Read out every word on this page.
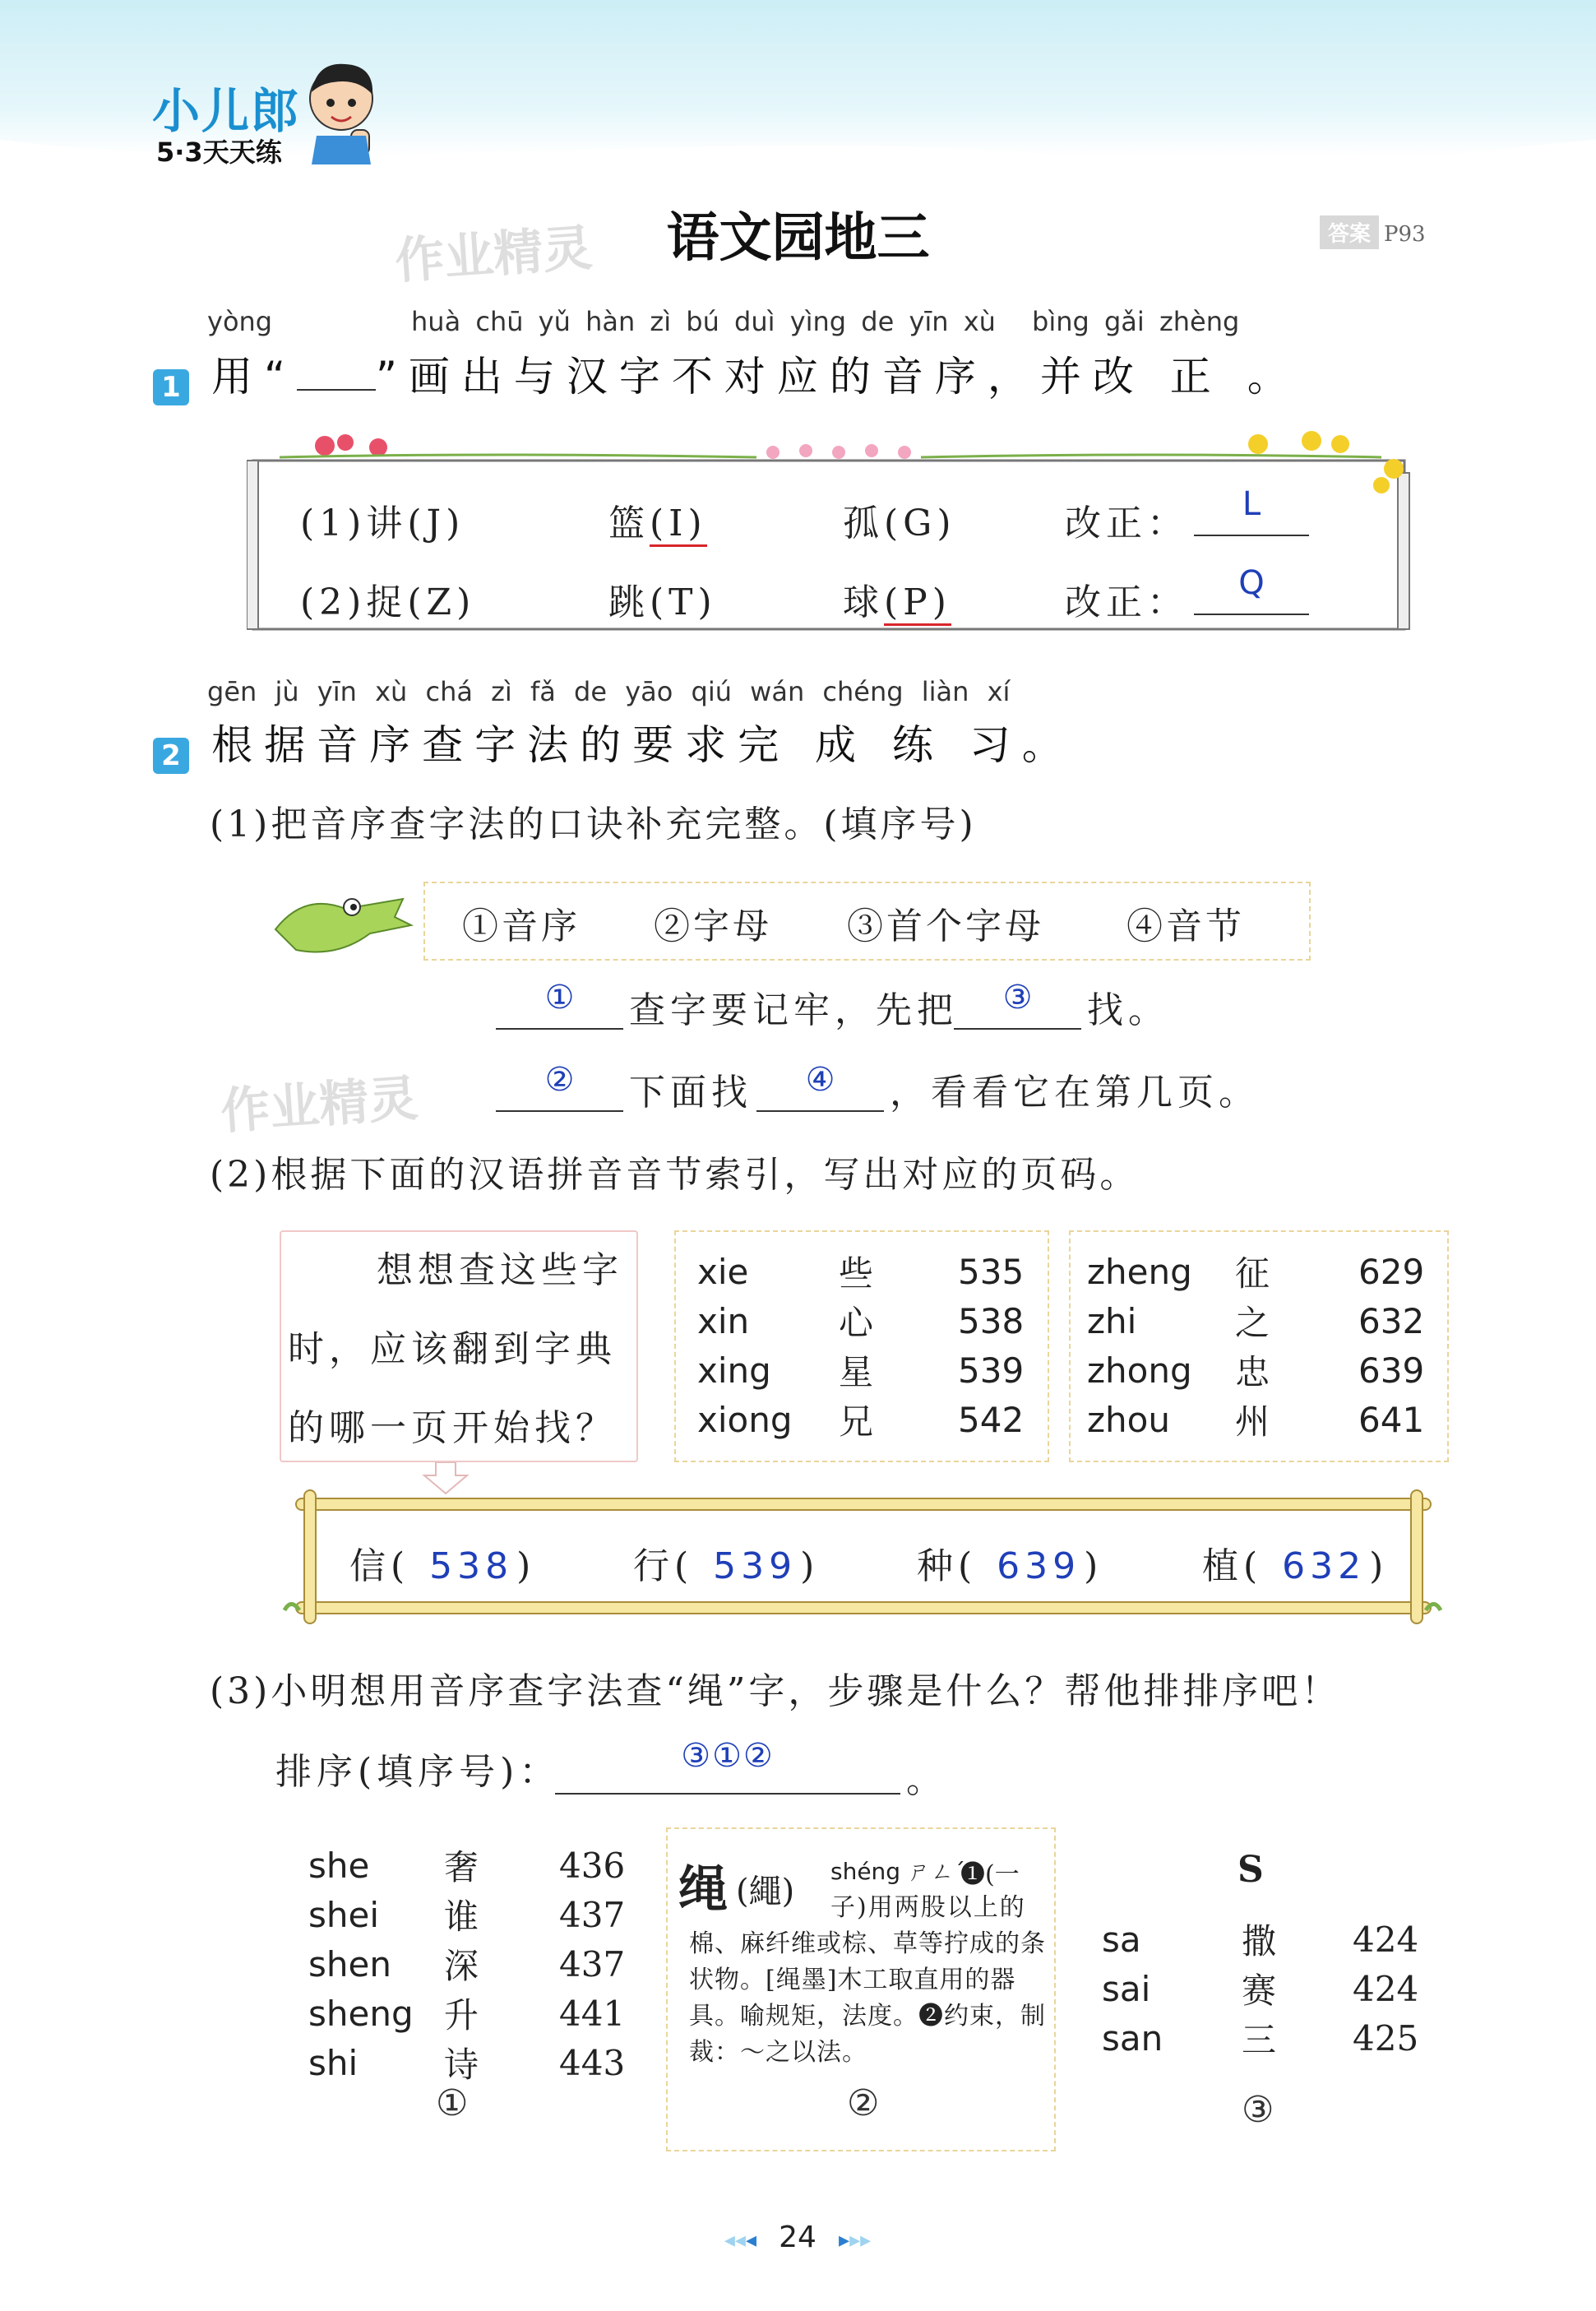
小儿郎
5·3天天练
语文园地三
作业精灵	答案 P93
yòng	huà chū yǔ hàn zì bú duì yìng de yīn xù bìng gǎi zhèng
1 用“ ”画出与汉字不对应的音序，并改 正 。
(1)讲(J)	篮(I)	孤(G)	改正：	L
(2)捉(Z)	跳(T)	球(P)	改正：	Q
gēn jù yīn xù chá zì fǎ de yāo qiú wán chéng liàn xí
2 根据音序查字法的要求完 成 练 习。
(1)把音序查字法的口诀补充完整。(填序号)
①音序 ②字母 ③首个字母 ④音节
①	查字要记牢，先把	③	找。
作业精灵	②	下面找	④	，看看它在第几页。
(2)根据下面的汉语拼音音节索引，写出对应的页码。
想想查这些字
时，应该翻到字典
的哪一页开始找？
xie	些	535
xin	心	538
xing	星	539
xiong	兄	542
zheng	征	629
zhi	之	632
zhong	忠	639
zhou	州	641
信( 538)	行( 539)	种( 639)	植( 632)
(3)小明想用音序查字法查“绳”字，步骤是什么？帮他排排序吧！
排序(填序号)：	③①②
。
she	奢	436
shei	谁	437
shen	深	437
sheng	升	441
shi	诗	443
①
绳 (繩)
shéng ㄕㄥˊ
❶(一
子)用两股以上的
棉、麻纤维或棕、草等拧成的条
状物。[绳墨]木工取直用的器
具。喻规矩，法度。❷约束，制
裁：～之以法。
②
S
sa	撒	424
sai	赛	424
san	三	425
③
◂◂◂ 24 ▸▸▸
